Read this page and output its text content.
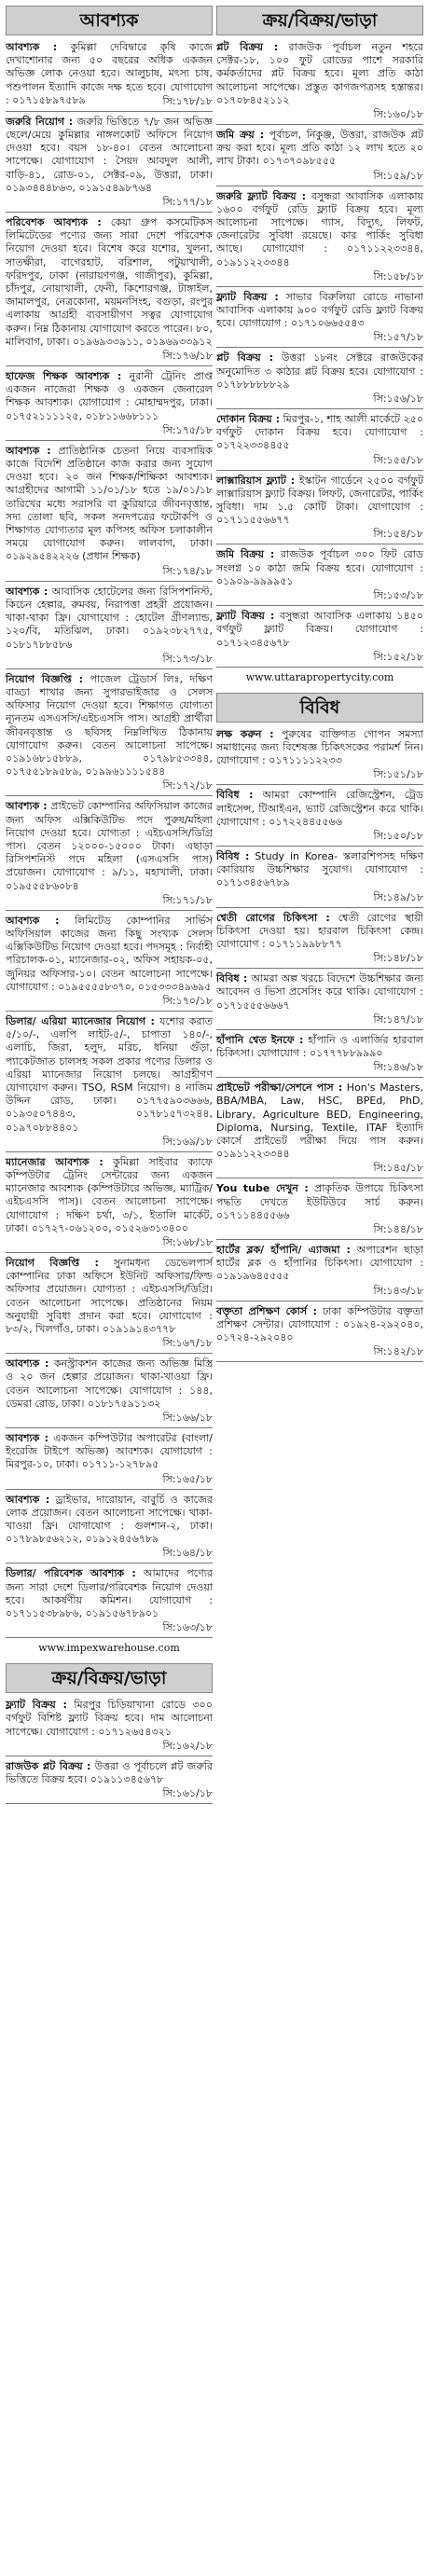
আবশ্যক
আবশ্যক : কুমিল্লা দেবিদ্বারে কৃষি কাজে দেখাশোনার জন্য ৫০ বছরের অধিক একজন অভিজ্ঞ লোক নেওয়া হবে। আলুচাষ, মৎস্য চাষ, পশুপালন ইত্যাদি কাজে দক্ষ হতে হবে। যোগাযোগ : ০১৭১৫৮৯৭৫৮৯	সি:১৭৮/১৮
জরুরি নিয়োগ : জরুরি ভিত্তিতে ৭/৮ জন অভিজ্ঞ ছেলে/মেয়ে কুমিল্লার নাঙ্গলকোট অফিসে নিয়োগ দেওয়া হবে। বয়স ১৮-৪০। বেতন আলোচনা সাপেক্ষে। যোগাযোগ : সৈয়দ আবদুল আলী, বাড়ি-৪১, রোড-০১, সেক্টর-০৯, উত্তরা, ঢাকা। ০১৯৩৪৪৪৮৬৩, ০১৯১৫৪৯৮৭৬৪
সি:১৭৭/১৮
পরিবেশক আবশ্যক : কেয়া গ্রুপ কসমেটিকস লিমিটেডের পণ্যের জন্য সারা দেশে পরিবেশক নিয়োগ দেওয়া হবে। বিশেষ করে যশোর, খুলনা, সাতক্ষীরা, বাগেরহাট, বরিশাল, পটুয়াখালী, ফরিদপুর, ঢাকা (নারায়ণগঞ্জ, গাজীপুর), কুমিল্লা, চাঁদপুর, নোয়াখালী, ফেনী, কিশোরগঞ্জ, টাঙ্গাইল, জামালপুর, নেত্রকোনা, ময়মনসিংহ, বগুড়া, রংপুর এলাকায় আগ্রহী ব্যবসায়ীগণ সত্বর যোগাযোগ করুন। নিম্ন ঠিকানায় যোগাযোগ করতে পারেন। ৮০, মালিবাগ, ঢাকা। ০১৯৬৯৩৩৯১১, ০১৯৬৯৩৩৯১২
সি:১৭৬/১৮
হাফেজ শিক্ষক আবশ্যক : নুরানী ট্রেনিং প্রাপ্ত একজন নাজেরা শিক্ষক ও একজন জেনারেল শিক্ষক আবশ্যক। যোগাযোগ : মোহাম্মদপুর, ঢাকা। ০১৭৫২১১১১২৫, ০১৮১১৬৬৮১১১
সি:১৭৫/১৮
আবশ্যক : প্রাতিষ্ঠানিক চেতনা নিয়ে ব্যবসায়িক কাজে বিদেশি প্রতিষ্ঠানে কাজ করার জন্য সুযোগ দেওয়া হবে। ২০ জন শিক্ষক/শিক্ষিকা আবশ্যক। আগ্রহীদের আগামী ১১/০১/১৮ হতে ১৯/০১/১৮ তারিখের মধ্যে সরাসরি বা কুরিয়ারে জীবনবৃত্তান্ত, সদ্য তোলা ছবি, সকল সনদপত্রের ফটোকপি ও শিক্ষাগত যোগ্যতার মূল কপিসহ অফিস চলাকালীন সময়ে যোগাযোগ করুন। লালবাগ, ঢাকা। ০১৯২৯৫৪২২২৬ (প্রধান শিক্ষক)
সি:১৭৪/১৮
আবশ্যক : আবাসিক হোটেলের জন্য রিসিপশনিস্ট, কিচেন হেল্পার, রুমবয়, নিরাপত্তা প্রহরী প্রয়োজন। খাকা-থাকা ফ্রি। যোগাযোগ : হোটেল গ্রীণল্যান্ড, ১২০/বি, মতিঝিল, ঢাকা। ০১৯২৩৮২৭৭৫, ০১৮১৭৮৮৫৮৬
সি:১৭৩/১৮
নিয়োগ বিজ্ঞপ্তি : পাজেল ট্রেডার্স লিঃ, দক্ষিণ বাড্ডা শাখার জন্য সুপারভাইজার ও সেলস অফিসার নিয়োগ দেওয়া হবে। শিক্ষাগত যোগ্যতা ন্যূনতম এসএসসি/এইচএসসি পাস। আগ্রহী প্রার্থীরা জীবনবৃত্তান্ত ও ছবিসহ নিম্নলিখিত ঠিকানায় যোগাযোগ করুন। বেতন আলোচনা সাপেক্ষে। ০১৯১৬৮১৫৮৮৯, ০১৭৯৮৫৩৩৪৪, ০১৭৫৫১৮৯৫৮৯, ০১৯৯৬১১১১৫৪৪
সি:১৭২/১৮
আবশ্যক : প্রাইভেট কোম্পানির অফিসিয়াল কাজের জন্য অফিস এক্সিকিউটিভ পদে পুরুষ/মহিলা নিয়োগ দেওয়া হবে। যোগ্যতা : এইচএসসি/ডিগ্রি পাস। বেতন ১২০০০-১৫০০০ টাকা। এছাড়া রিসিপশনিস্ট পদে মহিলা (এসএসসি পাস) প্রয়োজন। যোগাযোগ : ৯/১১, মহাখালী, ঢাকা। ০১৯৫৫৫৮৬০৮৪
সি:১৭১/১৮
আবশ্যক : লিমিটেড কোম্পানির সার্ভিস অফিসিয়াল কাজের জন্য কিছু সংখ্যক সেলস এক্সিকিউটিভ নিয়োগ দেওয়া হবে। পদসমূহ : নির্বাহী পরিচালক-০১, ম্যানেজার-০২, অফিস সহায়ক-০৫, জুনিয়র অফিসার-১০। বেতন আলোচনা সাপেক্ষে। যোগাযোগ : ০১৯৫৫৫৫৮৩৭০, ০১৫৩৩৩৪৯৬৯৫
সি:১৭০/১৮
ডিলার/ এরিয়া ম্যানেজার নিয়োগ : যশোর করাত ৫/১০/-, এলপি লাইট-৫/-, চাপাতা ১৪০/-, এলাচি, জিরা, হলুদ, মরিচ, ধনিয়া গুঁড়া, প্যাকেটজাত চালসহ সকল প্রকার পণ্যের ডিলার ও এরিয়া ম্যানেজার নিয়োগ চলছে। আগ্রহীগণ যোগাযোগ করুন। TSO, RSM নিয়োগ। ৪ নাজিম উদ্দিন রোড, ঢাকা। ০১৭৭৫৯০৩৬৬৬, ০১৯৩৫০৭৪৪৩, ০১৭৮১৫৭৩২৪৪, ০১৯৭০৮৮৪৪০১
সি:১৬৯/১৮
ম্যানেজার আবশ্যক : কুমিল্লা সাইবার ক্যাফে কম্পিউটার ট্রেনিং সেন্টারের জন্য একজন ম্যানেজার আবশ্যক (কম্পিউটারে অভিজ্ঞ, ম্যাট্রিক/এইচএসসি পাস)। বেতন আলোচনা সাপেক্ষে। যোগাযোগ : দক্ষিণ চর্থা, ৩/১, ইতালি মার্কেট, ঢাকা। ০১৭২৭-০৬১২০০, ০১৫২৬৩১৩৪০০
সি:১৬৮/১৮
নিয়োগ বিজ্ঞপ্তি : সুনামধন্য ডেভেলপার্স কোম্পানির ঢাকা অফিসে ইউনিট অফিসার/ফিল্ড অফিসার প্রয়োজন। যোগ্যতা : এইচএসসি/ডিগ্রি। বেতন আলোচনা সাপেক্ষে। প্রতিষ্ঠানের নিয়ম অনুযায়ী সুবিধা প্রদান করা হবে। যোগাযোগ : ৮৩/২, খিলগাঁও, ঢাকা। ০১৯১৯১৪৩৭৭৮
সি:১৬৭/১৮
আবশ্যক : কনস্ট্রাকশন কাজের জন্য অভিজ্ঞ মিস্ত্রি ও ২০ জন হেল্পার প্রয়োজন। থাকা-খাওয়া ফ্রি। বেতন আলোচনা সাপেক্ষে। যোগাযোগ : ১৪৪, ডেমরা রোড, ঢাকা। ০১৮১৭৫৯১১৩২
সি:১৬৬/১৮
আবশ্যক : একজন কম্পিউটার অপারেটর (বাংলা/ইংরেজি টাইপে অভিজ্ঞ) আবশ্যক। যোগাযোগ : মিরপুর-১০, ঢাকা। ০১৭১১-১২৭৮৯৫
সি:১৬৫/১৮
আবশ্যক : ড্রাইভার, দারোয়ান, বাবুর্চি ও কাজের লোক প্রয়োজন। বেতন আলোচনা সাপেক্ষে। থাকা-খাওয়া ফ্রি। যোগাযোগ : গুলশান-২, ঢাকা। ০১৭৮৯৮৫৬২১২, ০১৯১২৪৫৬৭৮৯
সি:১৬৪/১৮
ডিলার/ পরিবেশক আবশ্যক : আমাদের পণ্যের জন্য সারা দেশে ডিলার/পরিবেশক নিয়োগ দেওয়া হবে। আকর্ষণীয় কমিশন। যোগাযোগ : ০১৭১১৫৩৮৯৮৬, ০১৯১৫৬৭৮৯০১
সি:১৬৩/১৮
www.impexwarehouse.com
ক্রয়/বিক্রয়/ভাড়া
ফ্ল্যাট বিক্রয় : মিরপুর চিড়িয়াখানা রোডে ৩০০ বর্গফুট বিশিষ্ট ফ্ল্যাট বিক্রয় হবে। দাম আলোচনা সাপেক্ষে। যোগাযোগ : ০১৭১২৬৫৪৩২১
সি:১৬২/১৮
রাজউক প্লট বিক্রয় : উত্তরা ও পূর্বাচলে প্লট জরুরি ভিত্তিতে বিক্রয় হবে। ০১৯১১৩৪৫৬৭৮
সি:১৬১/১৮
ক্রয়/বিক্রয়/ভাড়া
প্লট বিক্রয় : রাজউক পূর্বাচল নতুন শহরে সেক্টর-১৮, ১০০ ফুট রোডের পাশে সরকারি কর্মকর্তাদের প্লট বিক্রয় হবে। মূল্য প্রতি কাঠা আলোচনা সাপেক্ষে। প্রস্তুত কাগজপত্রসহ হস্তান্তর। ০১৭০৮৪৫২১১২
সি:১৬০/১৮
জমি ক্রয় : পূর্বাচল, নিকুঞ্জ, উত্তরা, রাজউক প্লট ক্রয় করা হবে। মূল্য প্রতি কাঠা ১২ লাখ হতে ২০ লাখ টাকা। ০১৭৩৭০৯৮৫৫৫
সি:১৫৯/১৮
জরুরি ফ্ল্যাট বিক্রয় : বসুন্ধরা আবাসিক এলাকায় ১৬০০ বর্গফুট রেডি ফ্ল্যাট বিক্রয় হবে। মূল্য আলোচনা সাপেক্ষে। গ্যাস, বিদ্যুৎ, লিফট, জেনারেটর সুবিধা রয়েছে। কার পার্কিং সুবিধা আছে। যোগাযোগ : ০১৭১১২২৩৩৪৪, ০১৯১১২২৩৩৪৪
সি:১৫৮/১৮
ফ্ল্যাট বিক্রয় : সাভার বিরুলিয়া রোডে নাভানা আবাসিক এলাকায় ৯০০ বর্গফুট রেডি ফ্ল্যাট বিক্রয় হবে। যোগাযোগ : ০১৭১০৬৬৫৫৪৩
সি:১৫৭/১৮
প্লট বিক্রয় : উত্তরা ১৮নং সেক্টরে রাজউকের অনুমোদিত ৩ কাঠার প্লট বিক্রয় হবে। যোগাযোগ : ০১৭৮৮৮৮৮৮২৯
সি:১৫৬/১৮
দোকান বিক্রয় : মিরপুর-১, শাহ আলী মার্কেটে ২৫০ বর্গফুট দোকান বিক্রয় হবে। যোগাযোগ : ০১৭২২৩৩৪৪৫৫
সি:১৫৫/১৮
লাক্সারিয়াস ফ্ল্যাট : ইস্কাটন গার্ডেনে ২৫০০ বর্গফুট লাক্সারিয়াস ফ্ল্যাট বিক্রয়। লিফট, জেনারেটর, পার্কিং সুবিধা। দাম ১.৫ কোটি টাকা। যোগাযোগ : ০১৭১১৫৫৬৬৭৭
সি:১৫৪/১৮
জমি বিক্রয় : রাজউক পূর্বাচল ৩০০ ফিট রোড সংলগ্ন ১০ কাঠা জমি বিক্রয় হবে। যোগাযোগ : ০১৯০৯-৯৯৯৯৫১
সি:১৫৩/১৮
ফ্ল্যাট বিক্রয় : বসুন্ধরা আবাসিক এলাকায় ১৪৫০ বর্গফুট ফ্ল্যাট বিক্রয়। যোগাযোগ : ০১৭১২৩৪৫৬৭৮
সি:১৫২/১৮
www.uttarapropertycity.com
বিবিধ
লক্ষ করুন : পুরুষের ব্যক্তিগত গোপন সমস্যা সমাধানের জন্য বিশেষজ্ঞ চিকিৎসকের পরামর্শ নিন। যোগাযোগ : ০১৭১১১১২২৩৩
সি:১৫১/১৮
বিবিধ : আমরা কোম্পানি রেজিস্ট্রেশন, ট্রেড লাইসেন্স, টিআইএন, ভ্যাট রেজিস্ট্রেশন করে থাকি। যোগাযোগ : ০১৭২২৪৪৫৫৬৬
সি:১৫০/১৮
বিবিধ : Study in Korea- স্কলারশিপসহ দক্ষিণ কোরিয়ায় উচ্চশিক্ষার সুযোগ। যোগাযোগ : ০১৭১৩৪৫৬৭৮৯
সি:১৪৯/১৮
শ্বেতী রোগের চিকিৎসা : শ্বেতী রোগের স্থায়ী চিকিৎসা দেওয়া হয়। হারবাল চিকিৎসা কেন্দ্র। যোগাযোগ : ০১৭১১৯৯৮৮৭৭
সি:১৪৮/১৮
বিবিধ : আমরা অল্প খরচে বিদেশে উচ্চশিক্ষার জন্য আবেদন ও ভিসা প্রসেসিং করে থাকি। যোগাযোগ : ০১৭১৫৫৫৬৬৬৭
সি:১৪৭/১৮
হাঁপানি শ্বেত ইনফে : হাঁপানি ও এলার্জির হারবাল চিকিৎসা। যোগাযোগ : ০১৭৭৭৮৮৯৯৯০
সি:১৪৬/১৮
প্রাইভেট পরীক্ষা/সেশনে পাস : Hon's Masters, BBA/MBA, Law, HSC, BPEd, PhD, Library, Agriculture BED, Engineering, Diploma, Nursing, Textile, ITAF ইত্যাদি কোর্সে প্রাইভেট পরীক্ষা দিয়ে পাস করুন। ০১৯১১২২৩৩৪৪
সি:১৪৫/১৮
You tube দেখুন : প্রাকৃতিক উপায়ে চিকিৎসা পদ্ধতি দেখতে ইউটিউবে সার্চ করুন। ০১৭১১৪৪৫৫৬৬
সি:১৪৪/১৮
হার্টের ব্লক/ হাঁপানি/ এ্যাজমা : অপারেশন ছাড়া হার্টের ব্লক ও হাঁপানির চিকিৎসা। যোগাযোগ : ০১৯১৯৬৪৫৫৫৫
সি:১৪৩/১৮
বক্তৃতা প্রশিক্ষণ কোর্স : ঢাকা কম্পিউটার বক্তৃতা প্রশিক্ষণ সেন্টার। যোগাযোগ : ০১৯২৪-২৯২০৪০, ০১৭২৪-২৯২০৪০
সি:১৪২/১৮
